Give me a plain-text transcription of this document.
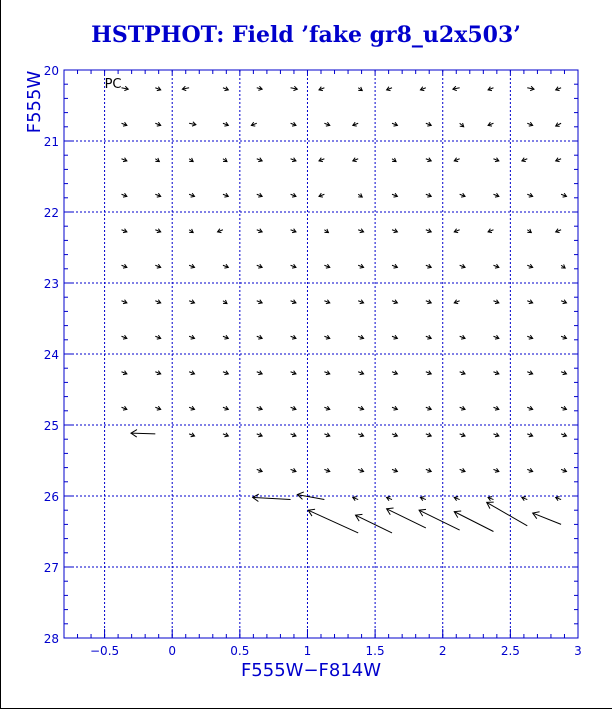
HSTPHOT: Field ’fake gr8_u2x503’
−0.5	0	0.5	1	1.5	2	2.5	3
20
21
22
23
24
25
26
27
28
PC
F555W−F814W
F555W
